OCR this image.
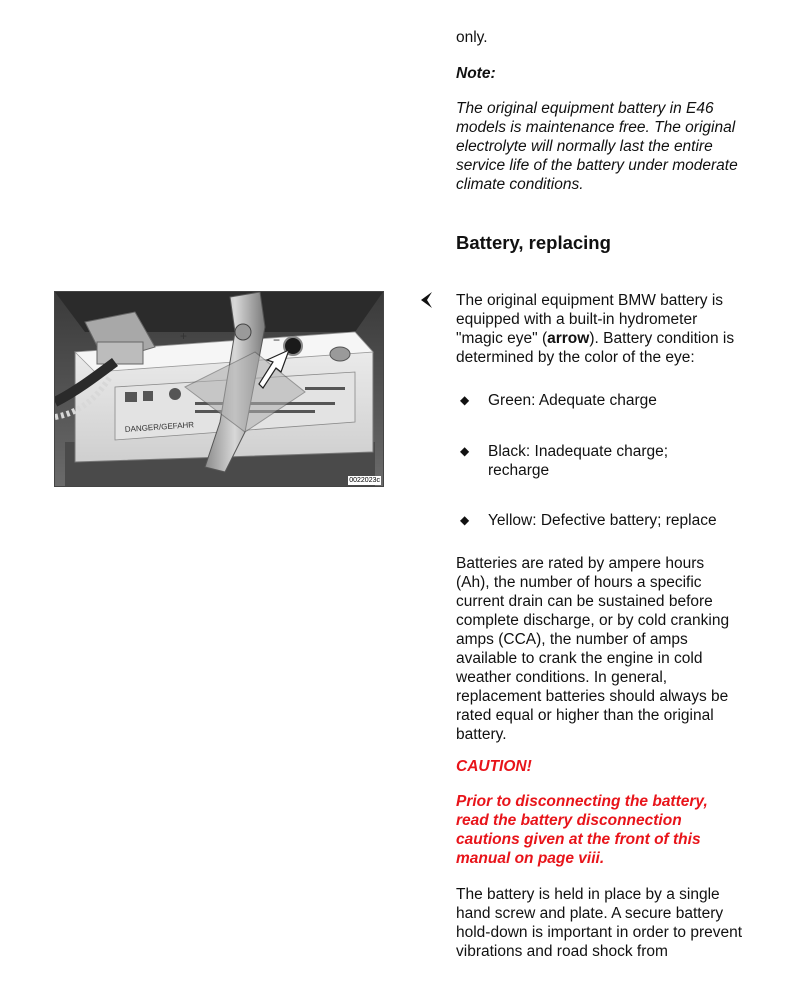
only.

Note:

The original equipment battery in E46 models is maintenance free. The original electrolyte will normally last the entire service life of the battery under moderate climate conditions.

Battery, replacing
DANGER/GEFAHR
+	−
0022023c

The original equipment BMW battery is equipped with a built-in hydrometer "magic eye" (arrow). Battery condition is determined by the color of the eye:

◆ Green: Adequate charge
◆ Black: Inadequate charge; recharge
◆ Yellow: Defective battery; replace
Batteries are rated by ampere hours (Ah), the number of hours a specific current drain can be sustained before complete discharge, or by cold cranking amps (CCA), the number of amps available to crank the engine in cold weather conditions. In general, replacement batteries should always be rated equal or higher than the original battery.
CAUTION!
Prior to disconnecting the battery, read the battery disconnection cautions given at the front of this manual on page viii.
The battery is held in place by a single hand screw and plate. A secure battery hold-down is important in order to prevent vibrations and road shock from
